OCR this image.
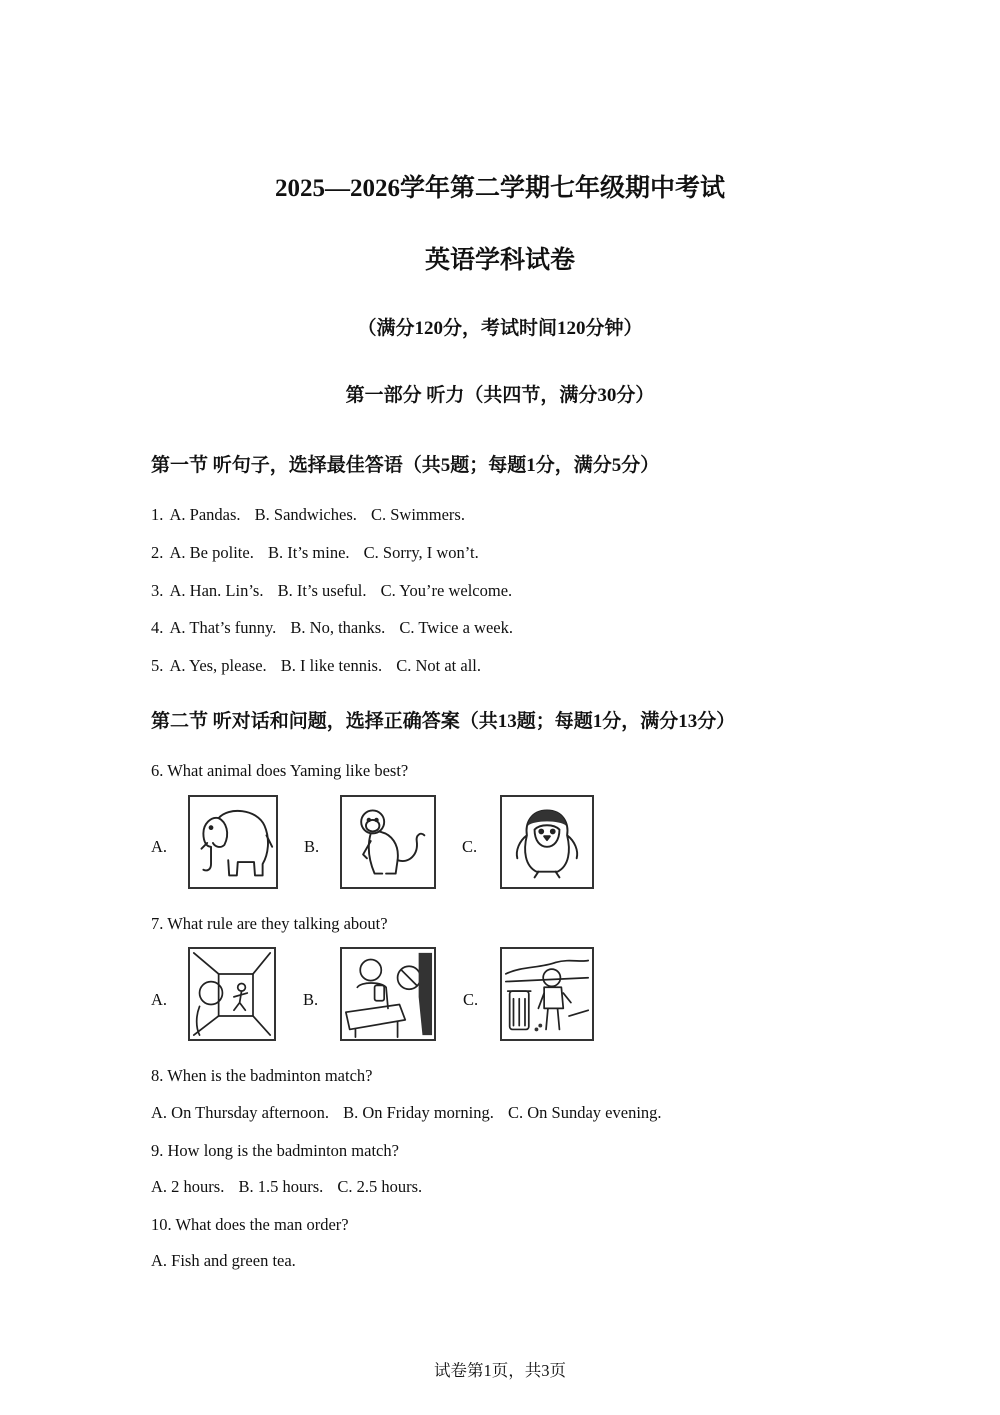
2025—2026学年第二学期七年级期中考试
英语学科试卷
（满分120分，考试时间120分钟）
第一部分 听力（共四节，满分30分）
第一节 听句子，选择最佳答语（共5题；每题1分，满分5分）
1. A. Pandas. B. Sandwiches. C. Swimmers.
2. A. Be polite. B. It’s mine. C. Sorry, I won’t.
3. A. Han. Lin’s. B. It’s useful. C. You’re welcome.
4. A. That’s funny. B. No, thanks. C. Twice a week.
5. A. Yes, please. B. I like tennis. C. Not at all.
第二节 听对话和问题，选择正确答案（共13题；每题1分，满分13分）
6. What animal does Yaming like best?
A.	B.	C.
7. What rule are they talking about?
A.	B.	C.
8. When is the badminton match?
A. On Thursday afternoon. B. On Friday morning. C. On Sunday evening.
9. How long is the badminton match?
A. 2 hours. B. 1.5 hours. C. 2.5 hours.
10. What does the man order?
A. Fish and green tea.
试卷第1页，共3页
